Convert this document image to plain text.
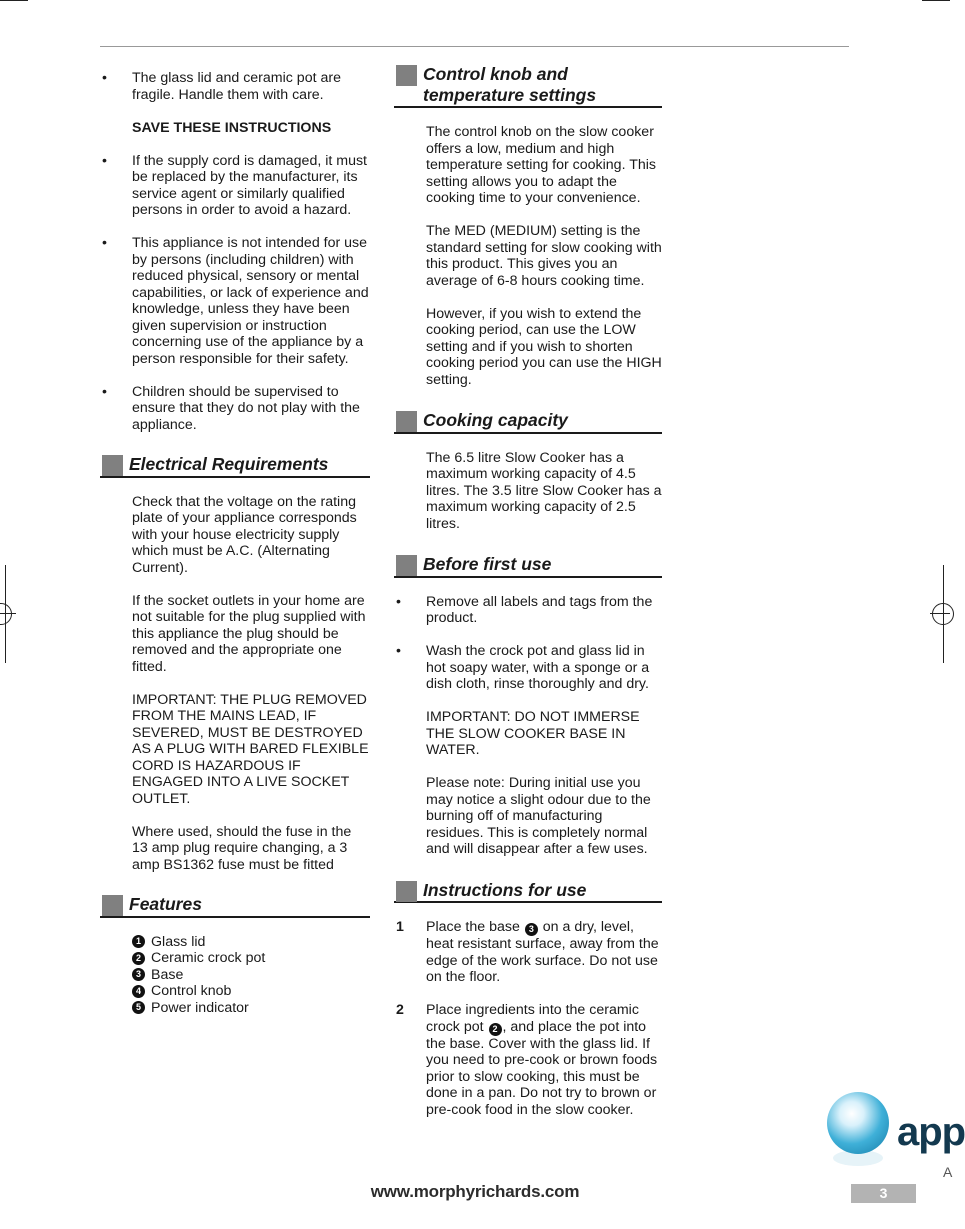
• The glass lid and ceramic pot are fragile. Handle them with care.
SAVE THESE INSTRUCTIONS
• If the supply cord is damaged, it must be replaced by the manufacturer, its service agent or similarly qualified persons in order to avoid a hazard.
• This appliance is not intended for use by persons (including children) with reduced physical, sensory or mental capabilities, or lack of experience and knowledge, unless they have been given supervision or instruction concerning use of the appliance by a person responsible for their safety.
• Children should be supervised to ensure that they do not play with the appliance.
Electrical Requirements
Check that the voltage on the rating plate of your appliance corresponds with your house electricity supply which must be A.C. (Alternating Current).
If the socket outlets in your home are not suitable for the plug supplied with this appliance the plug should be removed and the appropriate one fitted.
IMPORTANT: THE PLUG REMOVED FROM THE MAINS LEAD, IF SEVERED, MUST BE DESTROYED AS A PLUG WITH BARED FLEXIBLE CORD IS HAZARDOUS IF ENGAGED INTO A LIVE SOCKET OUTLET.
Where used, should the fuse in the 13 amp plug require changing, a 3 amp BS1362 fuse must be fitted
Features
1 Glass lid
2 Ceramic crock pot
3 Base
4 Control knob
5 Power indicator
Control knob and temperature settings
The control knob on the slow cooker offers a low, medium and high temperature setting for cooking. This setting allows you to adapt the cooking time to your convenience.
The MED (MEDIUM) setting is the standard setting for slow cooking with this product. This gives you an average of 6-8 hours cooking time.
However, if you wish to extend the cooking period, can use the LOW setting and if you wish to shorten cooking period you can use the HIGH setting.
Cooking capacity
The 6.5 litre Slow Cooker has a maximum working capacity of 4.5 litres. The 3.5 litre Slow Cooker has a maximum working capacity of 2.5 litres.
Before first use
• Remove all labels and tags from the product.
• Wash the crock pot and glass lid in hot soapy water, with a sponge or a dish cloth, rinse thoroughly and dry.
IMPORTANT: DO NOT IMMERSE THE SLOW COOKER BASE IN WATER.
Please note: During initial use you may notice a slight odour due to the burning off of manufacturing residues. This is completely normal and will disappear after a few uses.
Instructions for use
1 Place the base 3 on a dry, level, heat resistant surface, away from the edge of the work surface. Do not use on the floor.
2 Place ingredients into the ceramic crock pot 2 , and place the pot into the base. Cover with the glass lid. If you need to pre-cook or brown foods prior to slow cooking, this must be done in a pan. Do not try to brown or pre-cook food in the slow cooker.
app
A
www.morphyrichards.com	3
